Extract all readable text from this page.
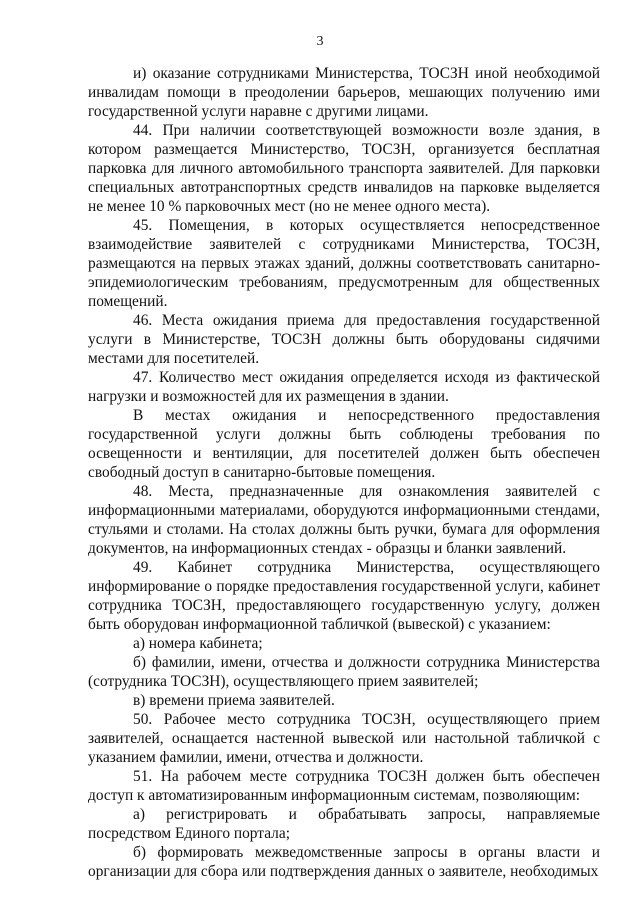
3

и) оказание сотрудниками Министерства, ТОСЗН иной необходимой инвалидам помощи в преодолении барьеров, мешающих получению ими государственной услуги наравне с другими лицами.

44. При наличии соответствующей возможности возле здания, в котором размещается Министерство, ТОСЗН, организуется бесплатная парковка для личного автомобильного транспорта заявителей. Для парковки специальных автотранспортных средств инвалидов на парковке выделяется не менее 10 % парковочных мест (но не менее одного места).

45. Помещения, в которых осуществляется непосредственное взаимодействие заявителей с сотрудниками Министерства, ТОСЗН, размещаются на первых этажах зданий, должны соответствовать санитарно-эпидемиологическим требованиям, предусмотренным для общественных помещений.

46. Места ожидания приема для предоставления государственной услуги в Министерстве, ТОСЗН должны быть оборудованы сидячими местами для посетителей.

47. Количество мест ожидания определяется исходя из фактической нагрузки и возможностей для их размещения в здании.

В местах ожидания и непосредственного предоставления государственной услуги должны быть соблюдены требования по освещенности и вентиляции, для посетителей должен быть обеспечен свободный доступ в санитарно-бытовые помещения.

48. Места, предназначенные для ознакомления заявителей с информационными материалами, оборудуются информационными стендами, стульями и столами. На столах должны быть ручки, бумага для оформления документов, на информационных стендах - образцы и бланки заявлений.

49. Кабинет сотрудника Министерства, осуществляющего информирование о порядке предоставления государственной услуги, кабинет сотрудника ТОСЗН, предоставляющего государственную услугу, должен быть оборудован информационной табличкой (вывеской) с указанием:

а) номера кабинета;

б) фамилии, имени, отчества и должности сотрудника Министерства (сотрудника ТОСЗН), осуществляющего прием заявителей;

в) времени приема заявителей.

50. Рабочее место сотрудника ТОСЗН, осуществляющего прием заявителей, оснащается настенной вывеской или настольной табличкой с указанием фамилии, имени, отчества и должности.

51. На рабочем месте сотрудника ТОСЗН должен быть обеспечен доступ к автоматизированным информационным системам, позволяющим:

а) регистрировать и обрабатывать запросы, направляемые посредством Единого портала;

б) формировать межведомственные запросы в органы власти и организации для сбора или подтверждения данных о заявителе, необходимых
